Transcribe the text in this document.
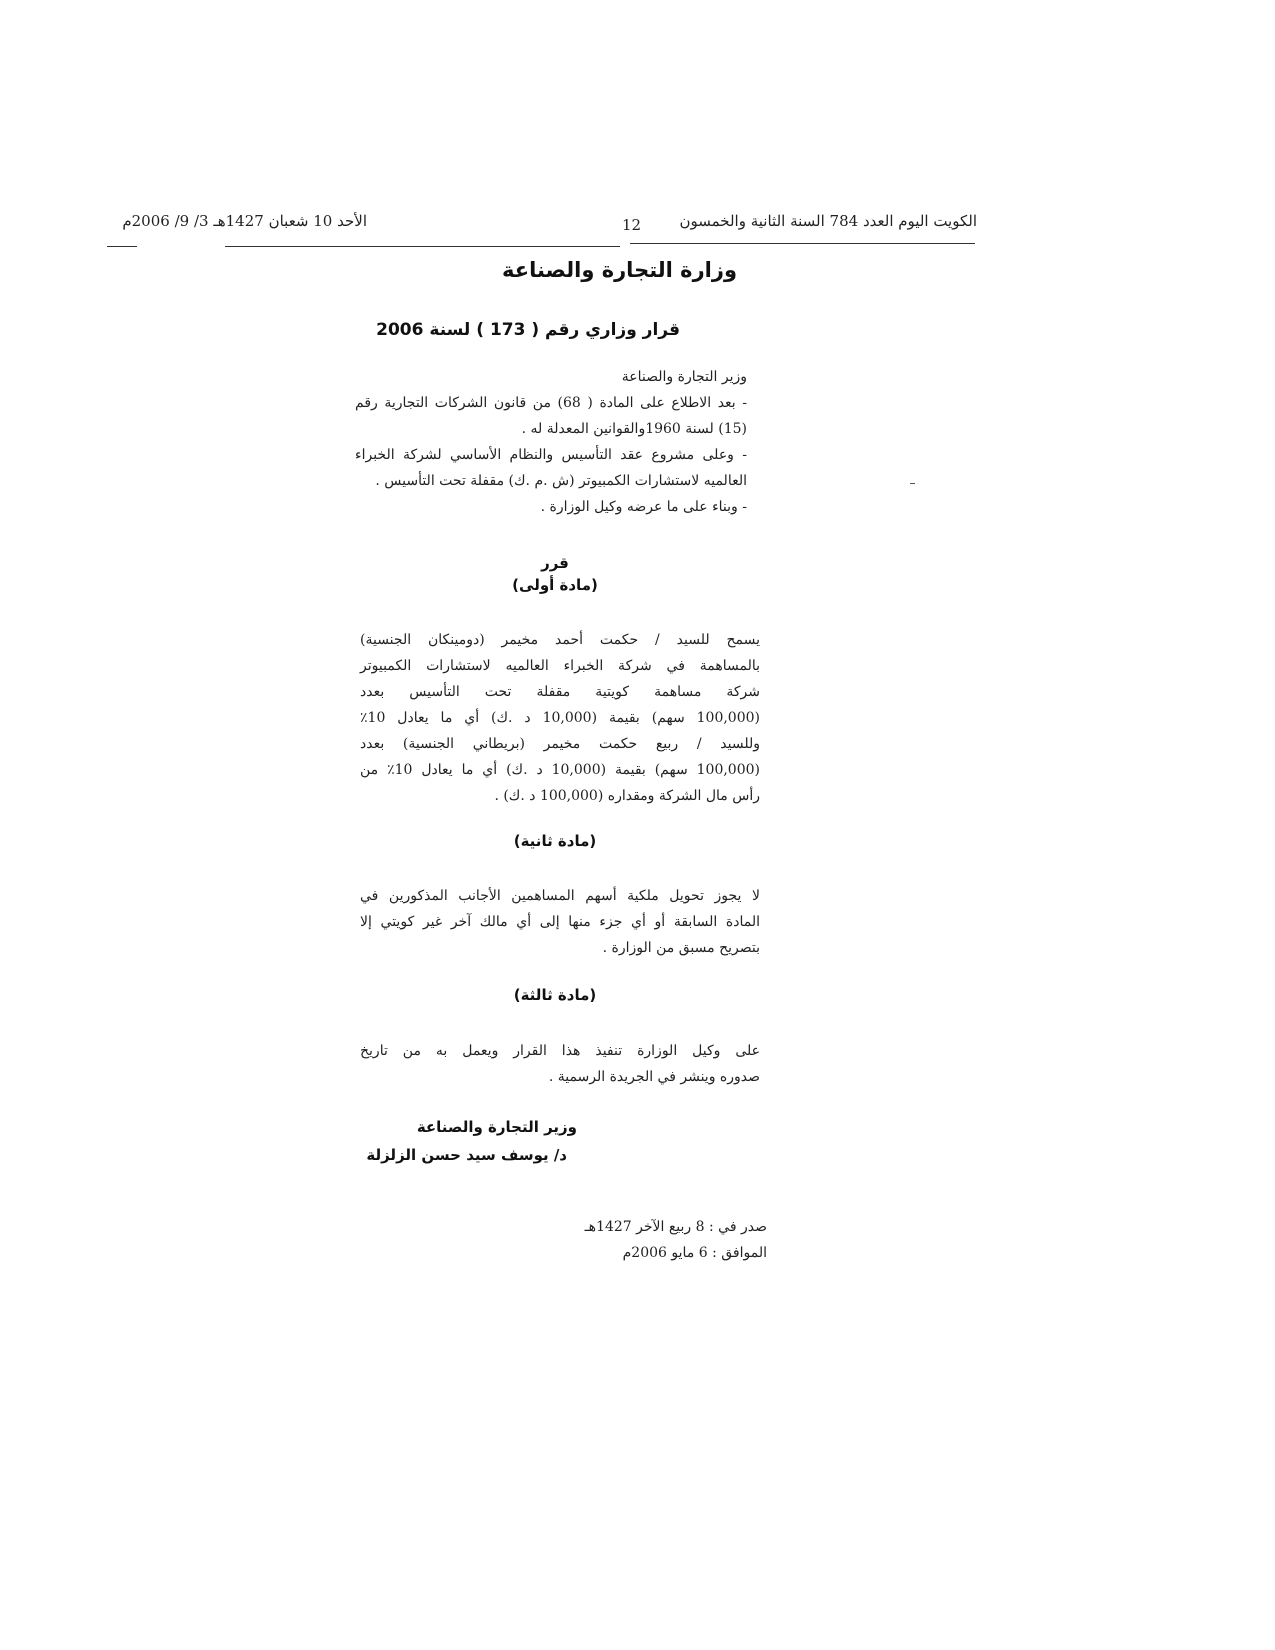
الكويت اليوم العدد 784 السنة الثانية والخمسون
12
الأحد 10 شعبان 1427هـ 3/ 9/ 2006م
وزارة التجارة والصناعة
قرار وزاري رقم ( 173 ) لسنة 2006
وزير التجارة والصناعة
- بعد الاطلاع على المادة ( 68) من قانون الشركات التجارية رقم
(15) لسنة 1960والقوانين المعدلة له .
- وعلى مشروع عقد التأسيس والنظام الأساسي لشركة الخبراء
العالميه لاستشارات الكمبيوتر (ش .م .ك) مقفلة تحت التأسيس .
- وبناء على ما عرضه وكيل الوزارة .
قرر
(مادة أولى)
يسمح للسيد / حكمت أحمد مخيمر (دومينكان الجنسية)
بالمساهمة في شركة الخبراء العالميه لاستشارات الكمبيوتر
شركة مساهمة كويتية مقفلة تحت التأسيس بعدد
(100,000 سهم) بقيمة (10,000 د .ك) أي ما يعادل 10٪
وللسيد / ربيع حكمت مخيمر (بريطاني الجنسية) بعدد
(100,000 سهم) بقيمة (10,000 د .ك) أي ما يعادل 10٪ من
رأس مال الشركة ومقداره (100,000 د .ك) .
(مادة ثانية)
لا يجوز تحويل ملكية أسهم المساهمين الأجانب المذكورين في
المادة السابقة أو أي جزء منها إلى أي مالك آخر غير كويتي إلا
بتصريح مسبق من الوزارة .
(مادة ثالثة)
على وكيل الوزارة تنفيذ هذا القرار ويعمل به من تاريخ
صدوره وينشر في الجريدة الرسمية .
وزير التجارة والصناعة
د/ يوسف سيد حسن الزلزلة
صدر في : 8 ربيع الآخر 1427هـ
الموافق : 6 مايو 2006م
